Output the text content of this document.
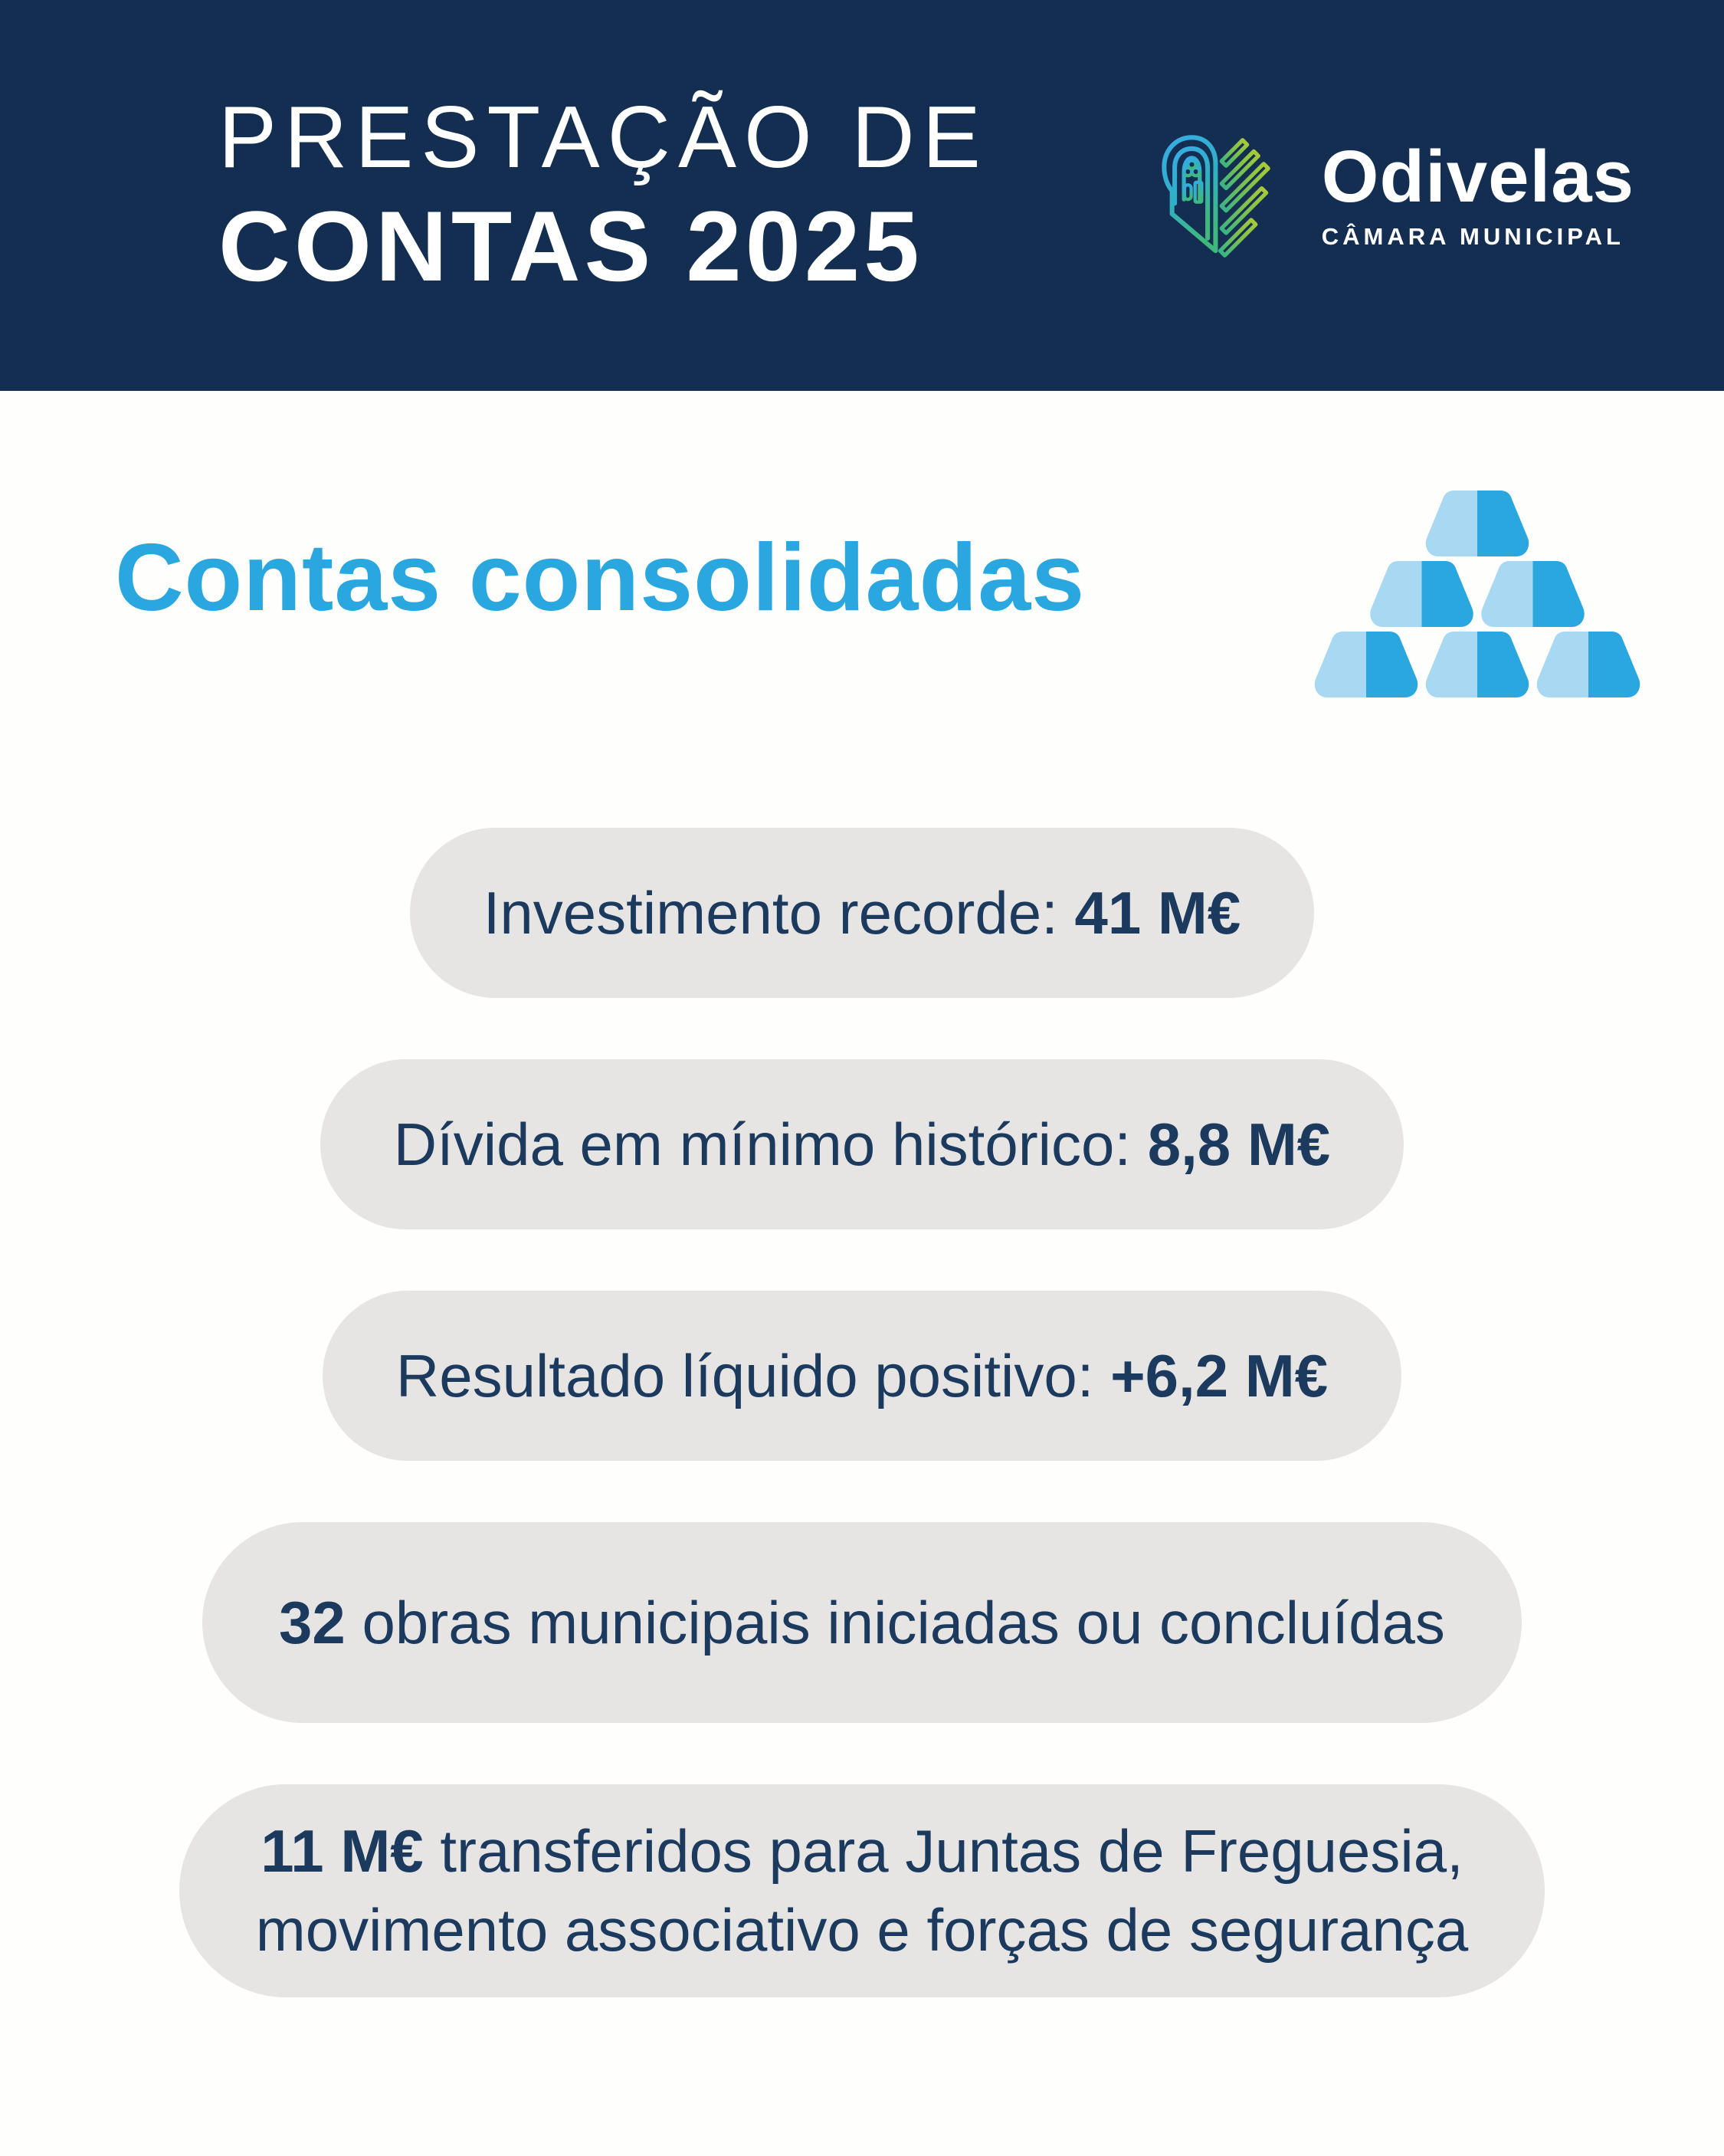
PRESTAÇÃO DE
CONTAS 2025
Odivelas
CÂMARA MUNICIPAL
Contas consolidadas
Investimento recorde: 41 M€
Dívida em mínimo histórico: 8,8 M€
Resultado líquido positivo: +6,2 M€
32 obras municipais iniciadas ou concluídas
11 M€ transferidos para Juntas de Freguesia,
movimento associativo e forças de segurança
